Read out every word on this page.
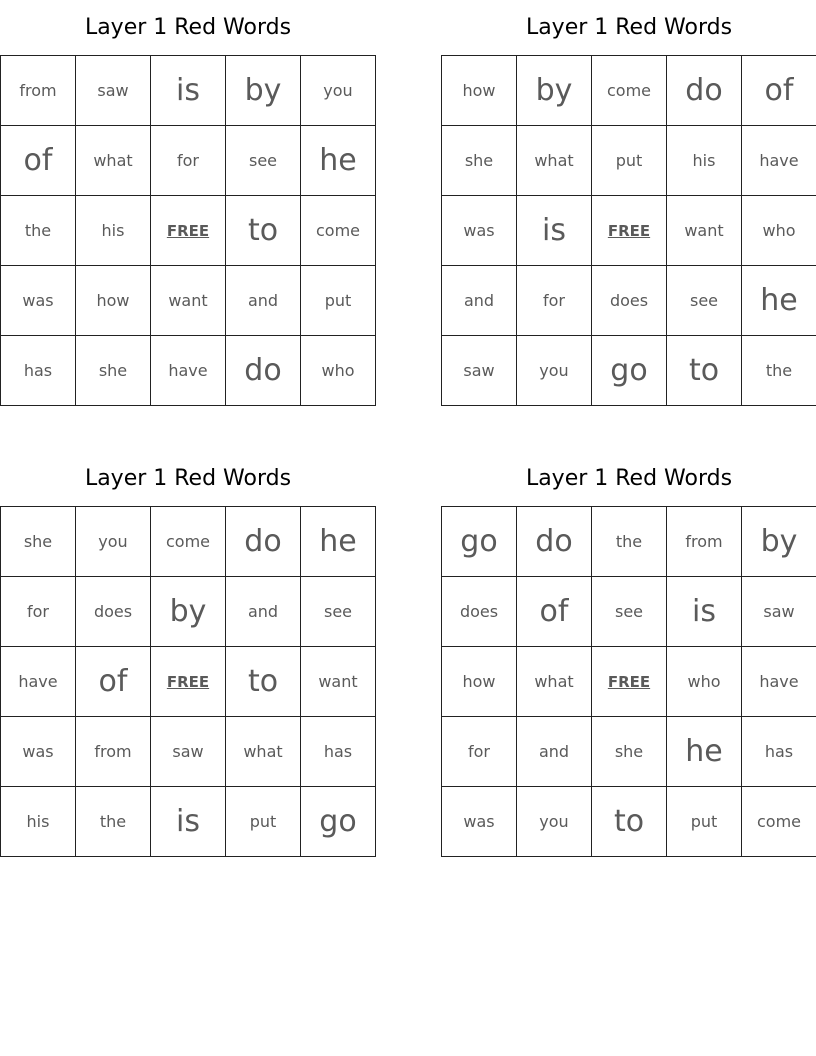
Layer 1 Red Words
from	saw	is	by	you
of	what	for	see	he
the	his	FREE	to	come
was	how	want	and	put
has	she	have	do	who
Layer 1 Red Words
how	by	come	do	of
she	what	put	his	have
was	is	FREE	want	who
and	for	does	see	he
saw	you	go	to	the
Layer 1 Red Words
she	you	come	do	he
for	does	by	and	see
have	of	FREE	to	want
was	from	saw	what	has
his	the	is	put	go
Layer 1 Red Words
go	do	the	from	by
does	of	see	is	saw
how	what	FREE	who	have
for	and	she	he	has
was	you	to	put	come
